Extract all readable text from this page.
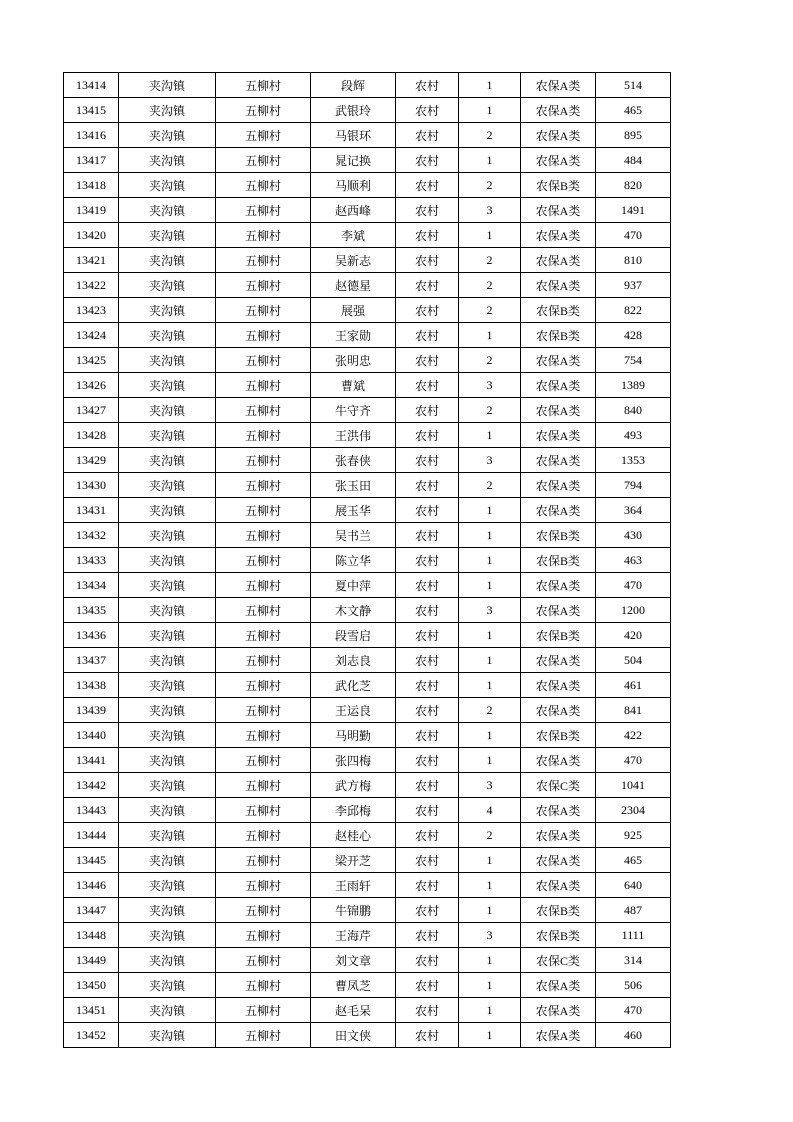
13414	夹沟镇	五柳村	段辉	农村	1	农保A类	514
13415	夹沟镇	五柳村	武银玲	农村	1	农保A类	465
13416	夹沟镇	五柳村	马银环	农村	2	农保A类	895
13417	夹沟镇	五柳村	晁记换	农村	1	农保A类	484
13418	夹沟镇	五柳村	马顺利	农村	2	农保B类	820
13419	夹沟镇	五柳村	赵西峰	农村	3	农保A类	1491
13420	夹沟镇	五柳村	李斌	农村	1	农保A类	470
13421	夹沟镇	五柳村	吴新志	农村	2	农保A类	810
13422	夹沟镇	五柳村	赵德星	农村	2	农保A类	937
13423	夹沟镇	五柳村	展强	农村	2	农保B类	822
13424	夹沟镇	五柳村	王家勋	农村	1	农保B类	428
13425	夹沟镇	五柳村	张明忠	农村	2	农保A类	754
13426	夹沟镇	五柳村	曹斌	农村	3	农保A类	1389
13427	夹沟镇	五柳村	牛守齐	农村	2	农保A类	840
13428	夹沟镇	五柳村	王洪伟	农村	1	农保A类	493
13429	夹沟镇	五柳村	张春侠	农村	3	农保A类	1353
13430	夹沟镇	五柳村	张玉田	农村	2	农保A类	794
13431	夹沟镇	五柳村	展玉华	农村	1	农保A类	364
13432	夹沟镇	五柳村	吴书兰	农村	1	农保B类	430
13433	夹沟镇	五柳村	陈立华	农村	1	农保B类	463
13434	夹沟镇	五柳村	夏中萍	农村	1	农保A类	470
13435	夹沟镇	五柳村	木文静	农村	3	农保A类	1200
13436	夹沟镇	五柳村	段雪启	农村	1	农保B类	420
13437	夹沟镇	五柳村	刘志良	农村	1	农保A类	504
13438	夹沟镇	五柳村	武化芝	农村	1	农保A类	461
13439	夹沟镇	五柳村	王运良	农村	2	农保A类	841
13440	夹沟镇	五柳村	马明勤	农村	1	农保B类	422
13441	夹沟镇	五柳村	张四梅	农村	1	农保A类	470
13442	夹沟镇	五柳村	武方梅	农村	3	农保C类	1041
13443	夹沟镇	五柳村	李邱梅	农村	4	农保A类	2304
13444	夹沟镇	五柳村	赵桂心	农村	2	农保A类	925
13445	夹沟镇	五柳村	梁开芝	农村	1	农保A类	465
13446	夹沟镇	五柳村	王雨轩	农村	1	农保A类	640
13447	夹沟镇	五柳村	牛锦鹏	农村	1	农保B类	487
13448	夹沟镇	五柳村	王海芹	农村	3	农保B类	1111
13449	夹沟镇	五柳村	刘文章	农村	1	农保C类	314
13450	夹沟镇	五柳村	曹凤芝	农村	1	农保A类	506
13451	夹沟镇	五柳村	赵毛呆	农村	1	农保A类	470
13452	夹沟镇	五柳村	田文侠	农村	1	农保A类	460
